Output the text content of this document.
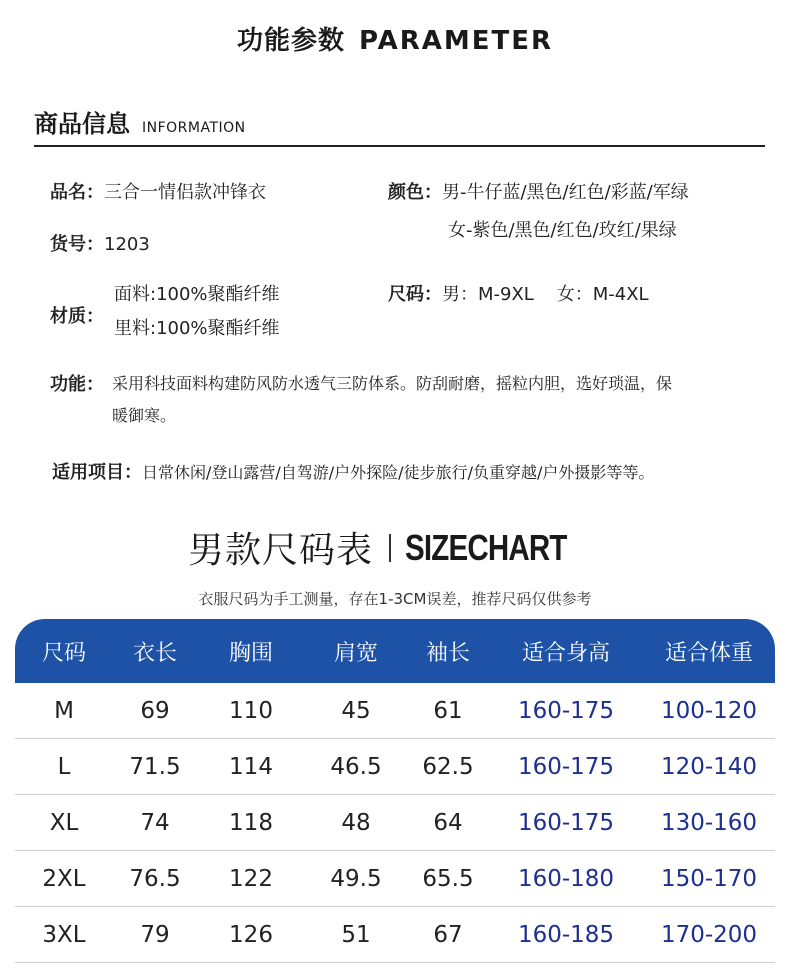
功能参数 PARAMETER
商品信息 INFORMATION
品名：三合一情侣款冲锋衣	颜色：男-牛仔蓝/黑色/红色/彩蓝/军绿
女-紫色/黑色/红色/玫红/果绿
货号：1203
材质：
面料:100%聚酯纤维
里料:100%聚酯纤维
尺码：男：M-9XL    女：M-4XL
功能： 采用科技面料构建防风防水透气三防体系。防刮耐磨，摇粒内胆，选好琐温，保
暖御寒。
适用项目：日常休闲/登山露营/自驾游/户外探险/徒步旅行/负重穿越/户外摄影等等。
男款尺码表 SIZECHART
衣服尺码为手工测量，存在1-3CM误差，推荐尺码仅供参考
尺码	衣长	胸围	肩宽	袖长	适合身高	适合体重
M	69	110	45	61	160-175	100-120
L	71.5	114	46.5	62.5	160-175	120-140
XL	74	118	48	64	160-175	130-160
2XL	76.5	122	49.5	65.5	160-180	150-170
3XL	79	126	51	67	160-185	170-200
